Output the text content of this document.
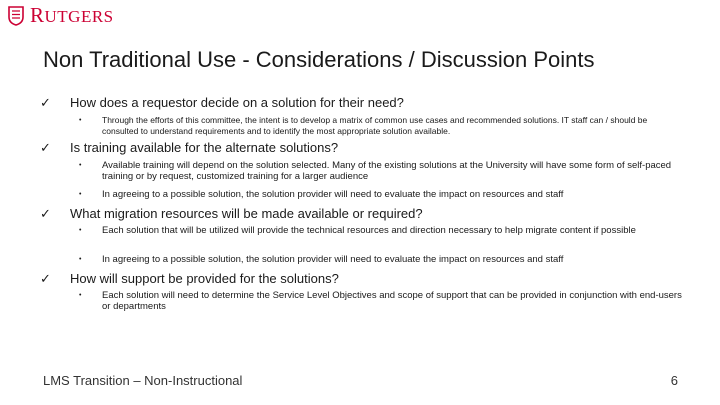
RUTGERS
Non Traditional Use - Considerations / Discussion Points
✓ How does a requestor decide on a solution for their need?
• Through the efforts of this committee, the intent is to develop a matrix of common use cases and recommended solutions. IT staff can / should be consulted to understand requirements and to identify the most appropriate solution available.
✓ Is training available for the alternate solutions?
• Available training will depend on the solution selected. Many of the existing solutions at the University will have some form of self-paced training or by request, customized training for a larger audience
• In agreeing to a possible solution, the solution provider will need to evaluate the impact on resources and staff
✓ What migration resources will be made available or required?
• Each solution that will be utilized will provide the technical resources and direction necessary to help migrate content if possible
• In agreeing to a possible solution, the solution provider will need to evaluate the impact on resources and staff
✓ How will support be provided for the solutions?
• Each solution will need to determine the Service Level Objectives and scope of support that can be provided in conjunction with end-users or departments
LMS Transition – Non-Instructional	6
